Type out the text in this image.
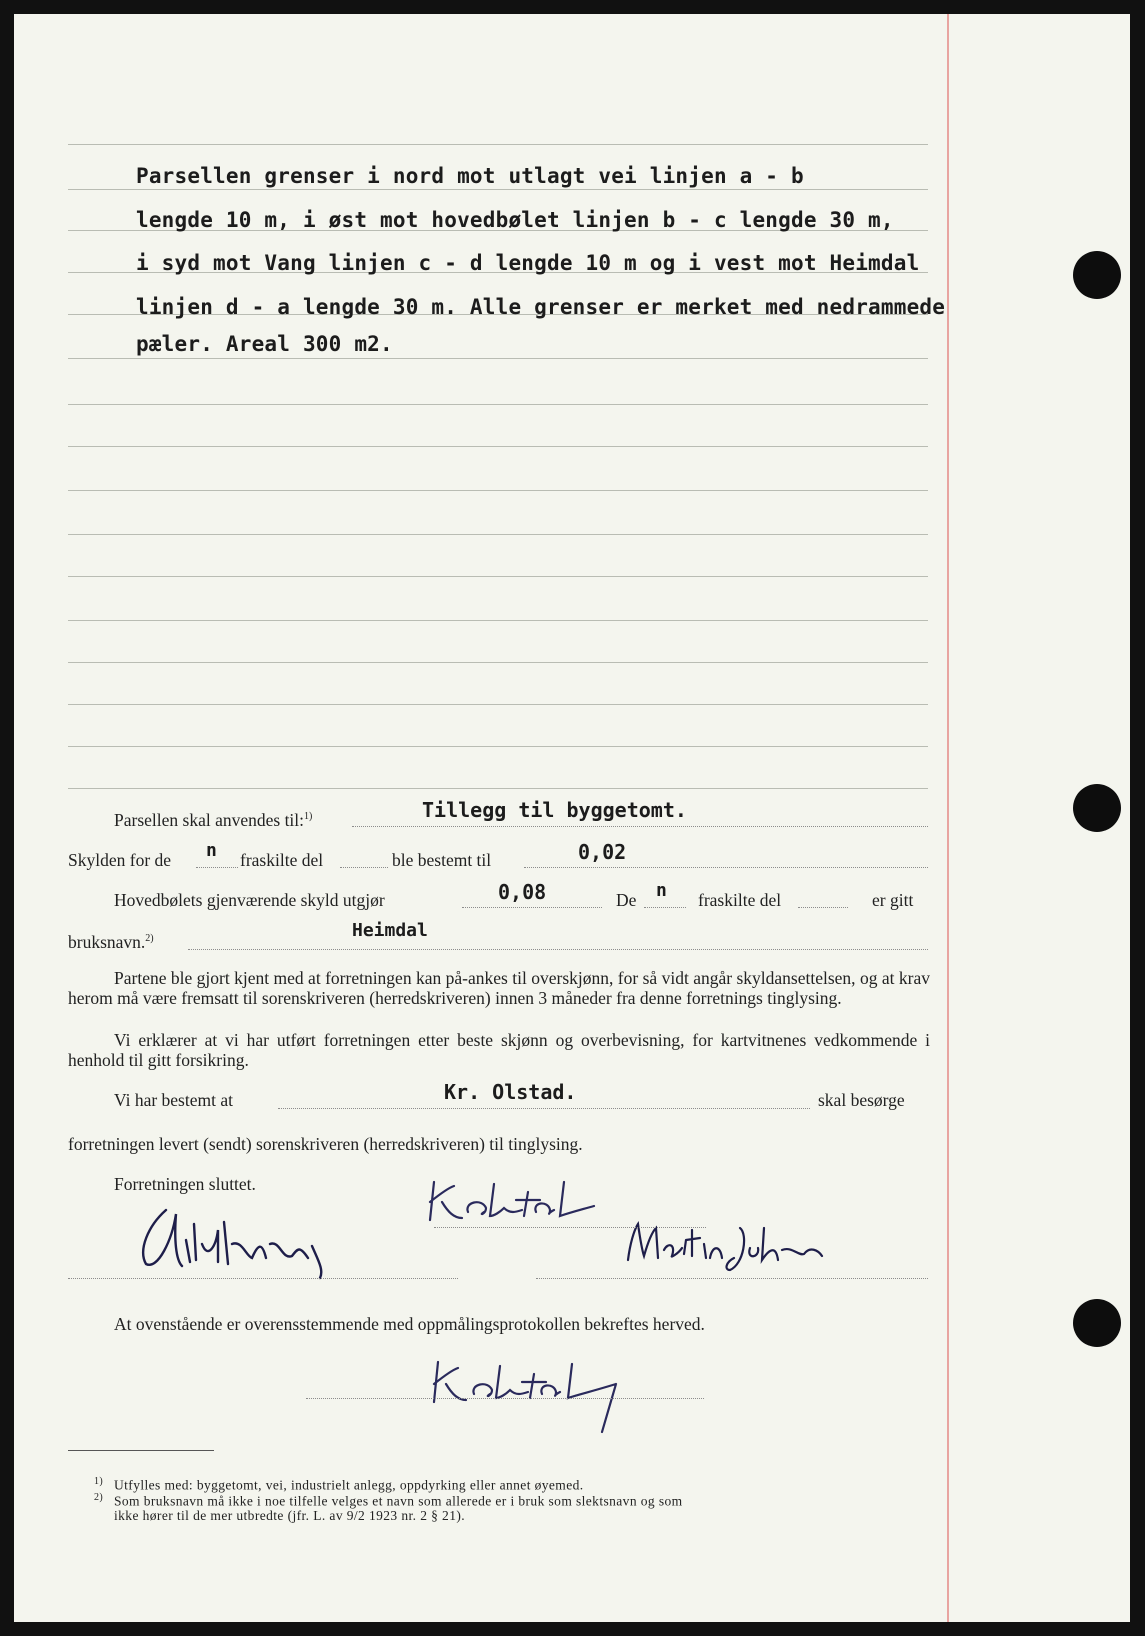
Parsellen grenser i nord mot utlagt vei linjen a - b
lengde 10 m, i øst mot hovedbølet linjen b - c lengde 30 m,
i syd mot Vang linjen c - d lengde 10 m og i vest mot Heimdal
linjen d - a lengde 30 m. Alle grenser er merket med nedrammede
pæler. Areal 300 m2.
Parsellen skal anvendes til:$^{1)}$	Tillegg til byggetomt.
Skylden for de n fraskilte del	ble bestemt til	0,02
Hovedbølets gjenværende skyld utgjør	0,08	De n fraskilte del	er gitt
bruksnavn.$^{2)}$	Heimdal
Partene ble gjort kjent med at forretningen kan på-ankes til overskjønn, for så vidt angår skyldansettelsen, og at krav herom må være fremsatt til sorenskriveren (herredskriveren) innen 3 måneder fra denne forretnings tinglysing.
Vi erklærer at vi har utført forretningen etter beste skjønn og overbevisning, for kartvitnenes vedkommende i henhold til gitt forsikring.
Vi har bestemt at	Kr. Olstad.	skal besørge
forretningen levert (sendt) sorenskriveren (herredskriveren) til tinglysing.
Forretningen sluttet.
At ovenstående er overensstemmende med oppmålingsprotokollen bekreftes herved.
1) Utfylles med: byggetomt, vei, industrielt anlegg, oppdyrking eller annet øyemed.
2) Som bruksnavn må ikke i noe tilfelle velges et navn som allerede er i bruk som slektsnavn og som
ikke hører til de mer utbredte (jfr. L. av 9/2 1923 nr. 2 § 21).
